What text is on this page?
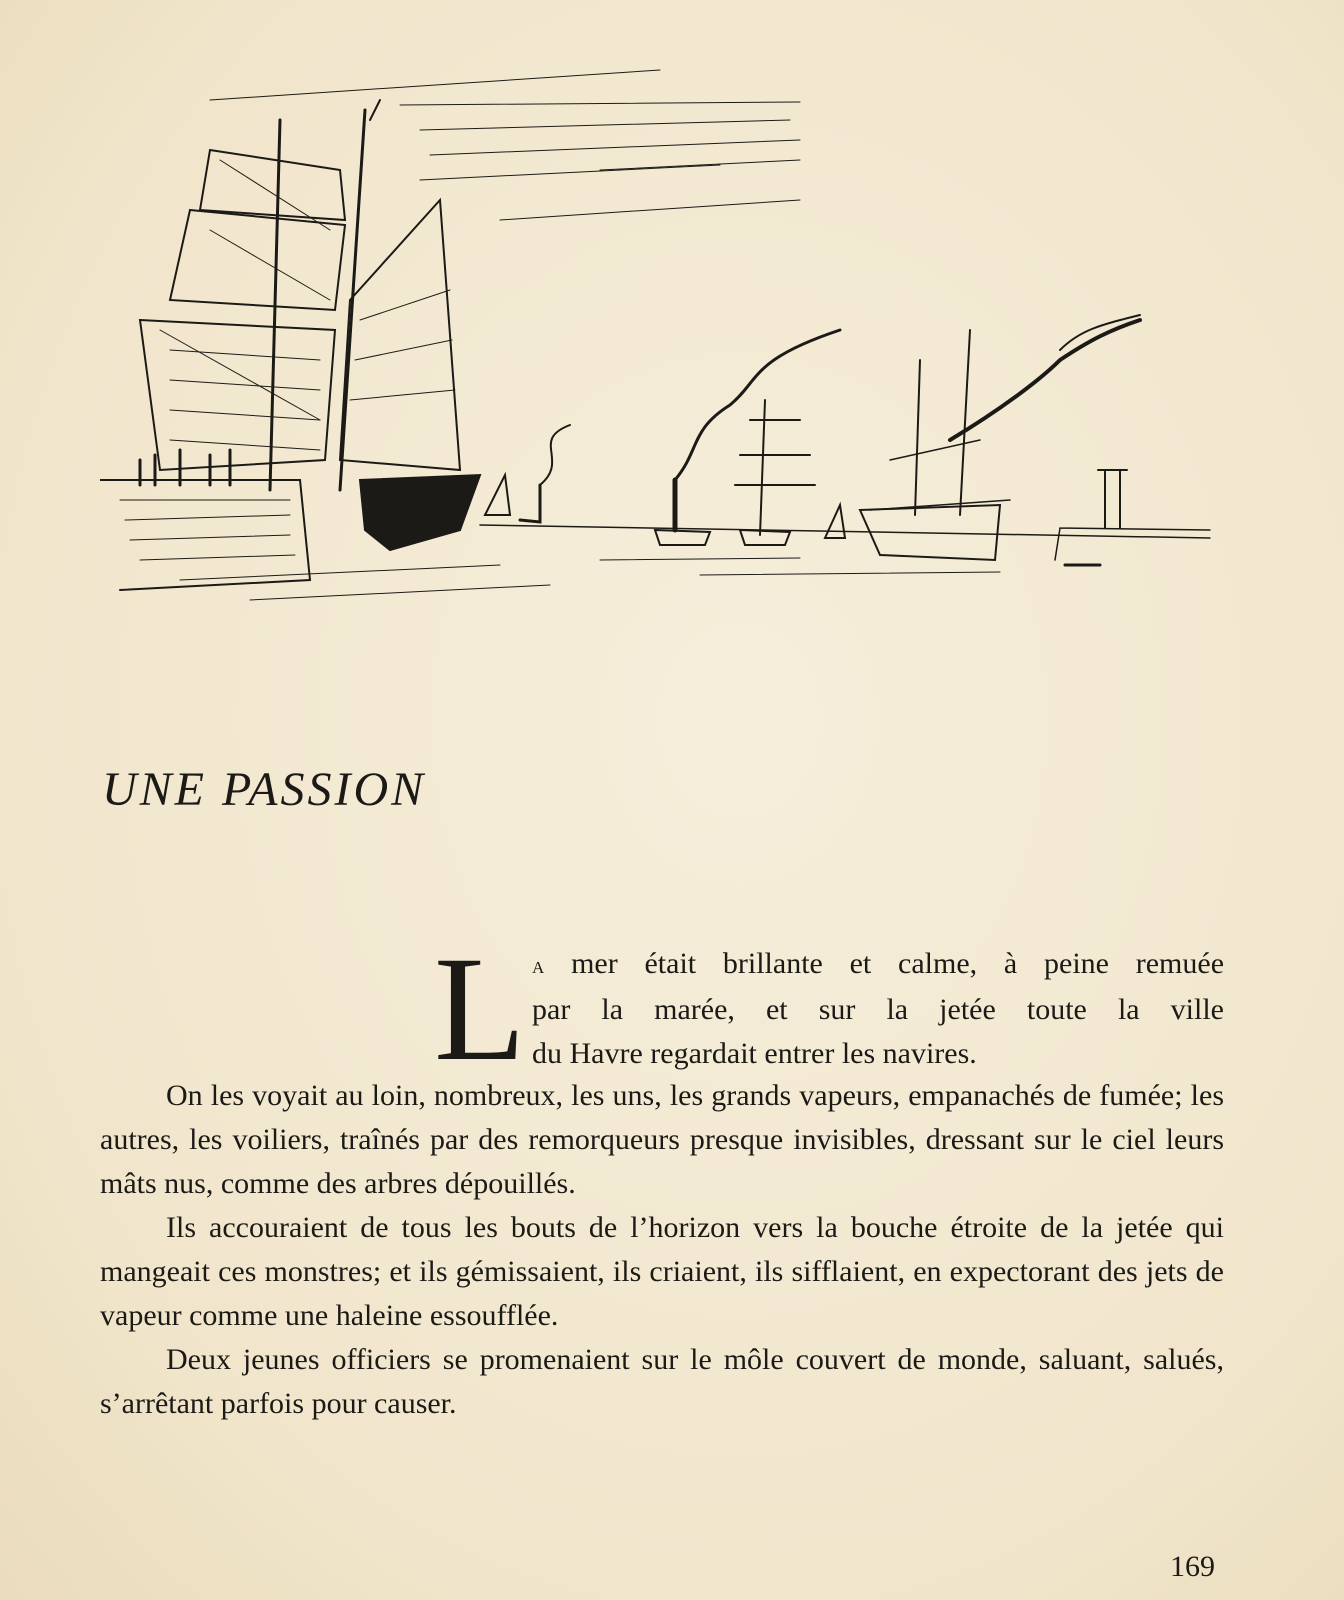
UNE PASSION
L a mer était brillante et calme, à peine remuée
par la marée, et sur la jetée toute la ville
du Havre regardait entrer les navires.

On les voyait au loin, nombreux, les uns, les grands vapeurs, empanachés de fumée; les autres, les voiliers, traînés par des remorqueurs presque invisibles, dressant sur le ciel leurs mâts nus, comme des arbres dépouillés.

Ils accouraient de tous les bouts de l’horizon vers la bouche étroite de la jetée qui mangeait ces monstres; et ils gémissaient, ils criaient, ils sifflaient, en expectorant des jets de vapeur comme une haleine essoufflée.

Deux jeunes officiers se promenaient sur le môle couvert de monde, saluant, salués, s’arrêtant parfois pour causer.

169
